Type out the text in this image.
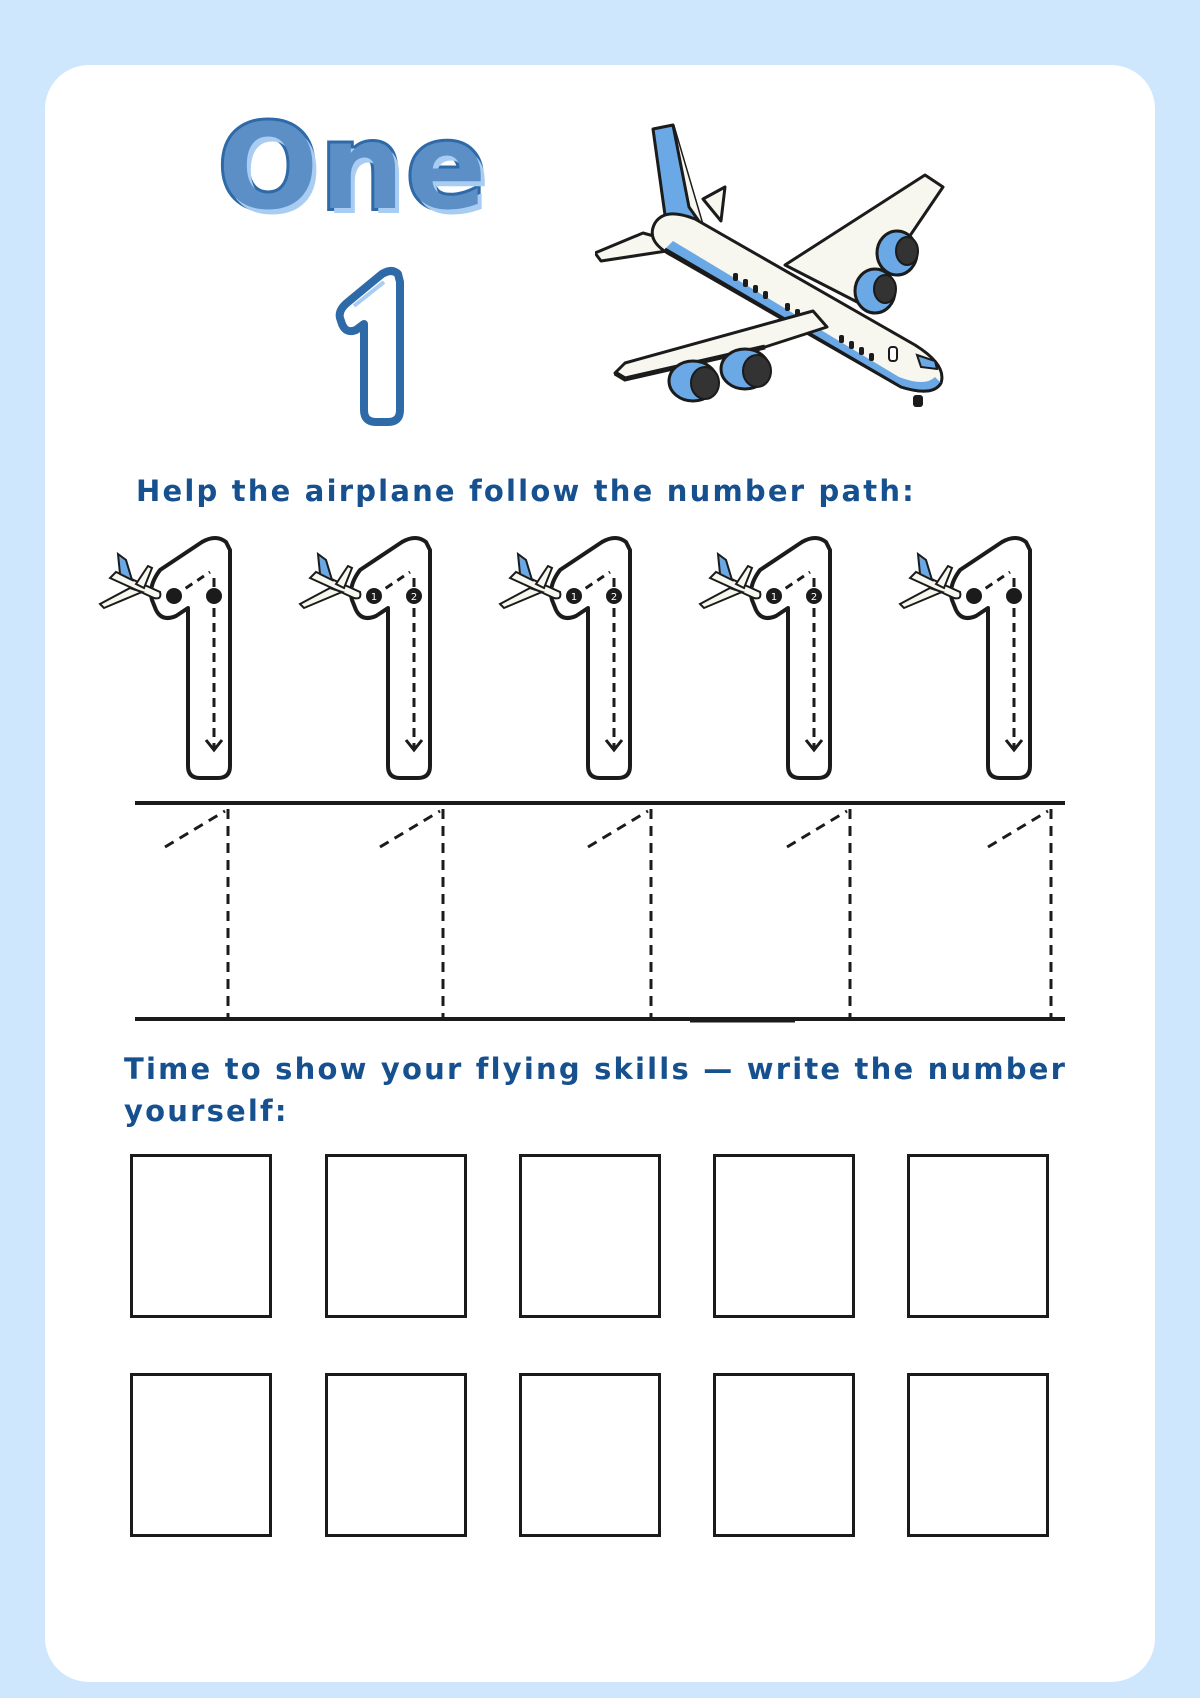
One

Help the airplane follow the number path:

1	2	1	2	1	2

Time to show your flying skills — write the number yourself:
